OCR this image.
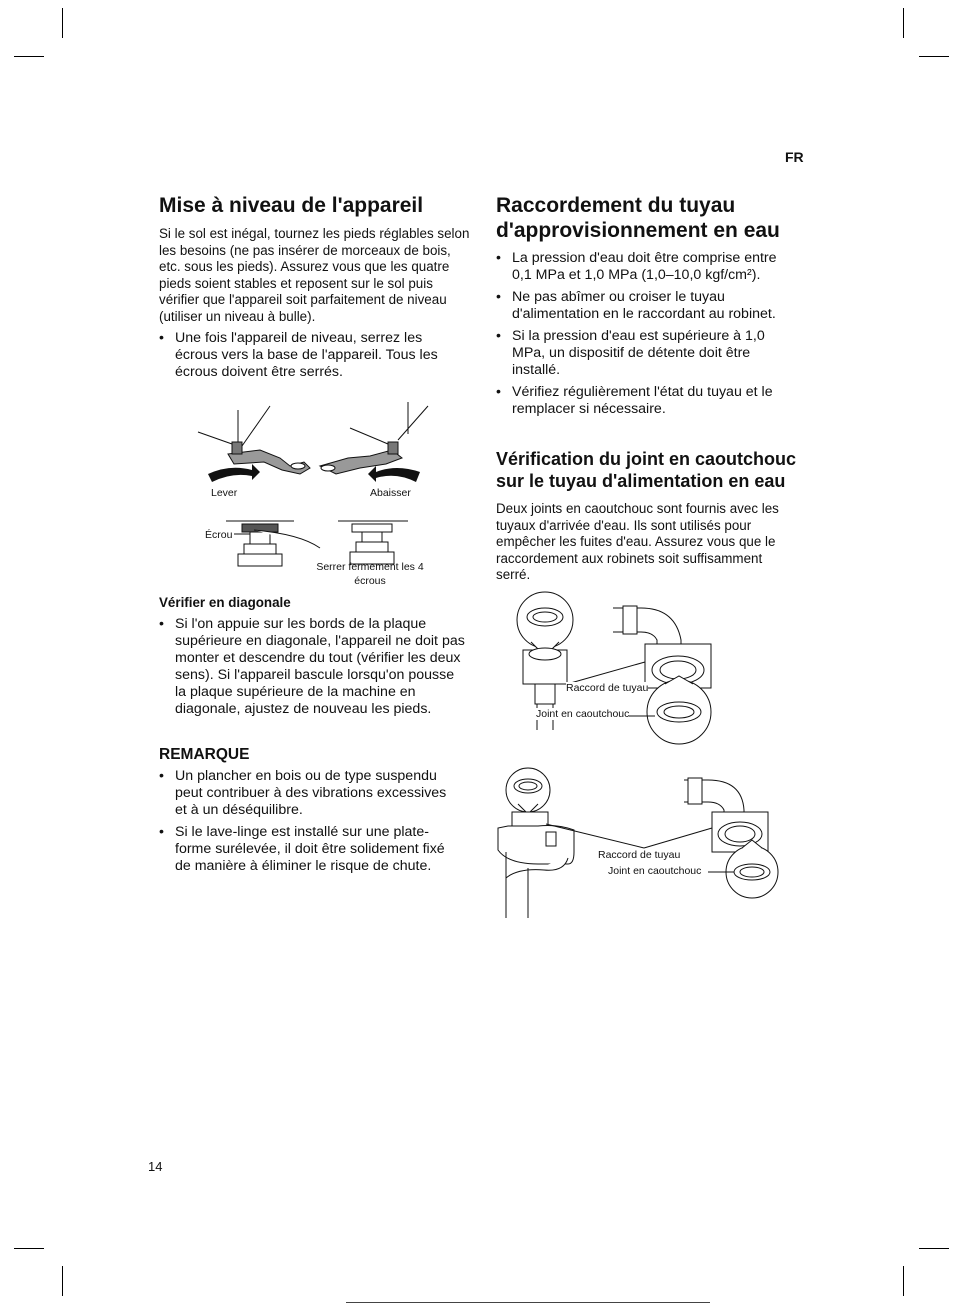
FR
Mise à niveau de l'appareil

Si le sol est inégal, tournez les pieds réglables selon les besoins (ne pas insérer de morceaux de bois, etc. sous les pieds). Assurez vous que les quatre pieds soient stables et reposent sur le sol puis vérifier que l'appareil soit parfaitement de niveau (utiliser un niveau à bulle).

• Une fois l'appareil de niveau, serrez les écrous vers la base de l'appareil. Tous les écrous doivent être serrés.
Lever	Abaisser
Écrou
Serrer fermement les 4 écrous
Vérifier en diagonale
• Si l'on appuie sur les bords de la plaque supérieure en diagonale, l'appareil ne doit pas monter et descendre du tout (vérifier les deux sens). Si l'appareil bascule lorsqu'on pousse la plaque supérieure de la machine en diagonale, ajustez de nouveau les pieds.
REMARQUE
• Un plancher en bois ou de type suspendu peut contribuer à des vibrations excessives et à un déséquilibre.
• Si le lave-linge est installé sur une plate-forme surélevée, il doit être solidement fixé de manière à éliminer le risque de chute.
Raccordement du tuyau
d'approvisionnement en eau
• La pression d'eau doit être comprise entre 0,1 MPa et 1,0 MPa (1,0–10,0 kgf/cm²).
• Ne pas abîmer ou croiser le tuyau d'alimentation en le raccordant au robinet.
• Si la pression d'eau est supérieure à 1,0 MPa, un dispositif de détente doit être installé.
• Vérifiez régulièrement l'état du tuyau et le remplacer si nécessaire.
Vérification du joint en caoutchouc
sur le tuyau d'alimentation en eau

Deux joints en caoutchouc sont fournis avec les tuyaux d'arrivée d'eau. Ils sont utilisés pour empêcher les fuites d'eau. Assurez vous que le raccordement aux robinets soit suffisamment serré.

Raccord de tuyau
Joint en caoutchouc
Raccord de tuyau
Joint en caoutchouc
14
